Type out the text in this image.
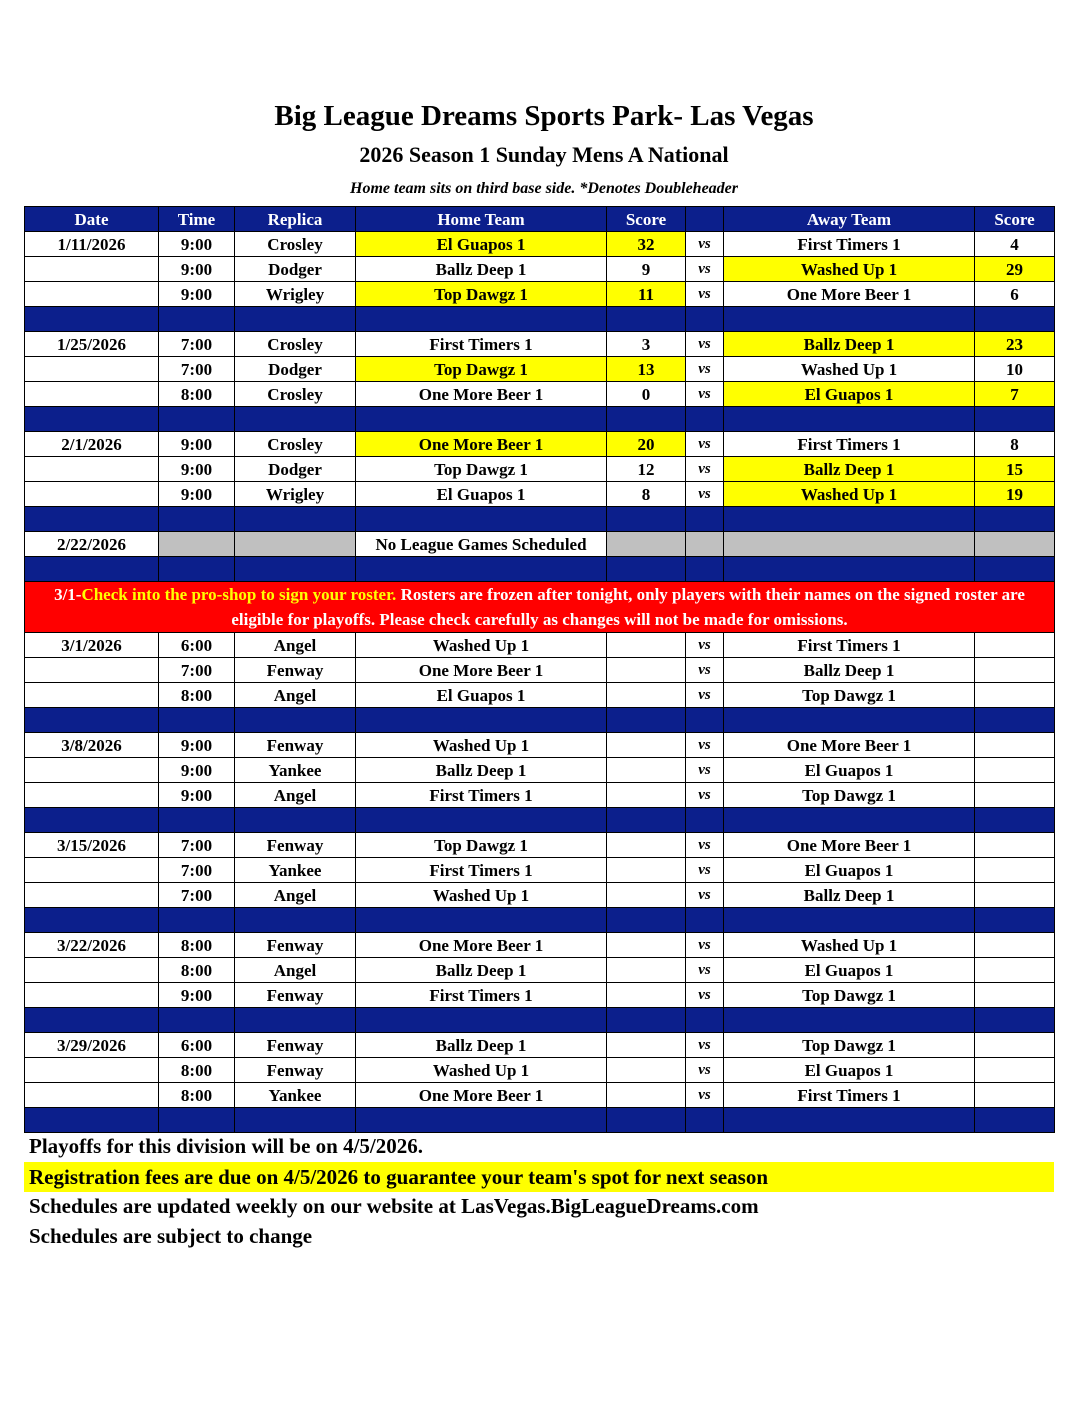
Big League Dreams Sports Park- Las Vegas
2026 Season 1 Sunday Mens A National
Home team sits on third base side. *Denotes Doubleheader
Date	Time	Replica	Home Team	Score		Away Team	Score
1/11/2026	9:00	Crosley	El Guapos 1	32	vs	First Timers 1	4
	9:00	Dodger	Ballz Deep 1	9	vs	Washed Up 1	29
	9:00	Wrigley	Top Dawgz 1	11	vs	One More Beer 1	6

1/25/2026	7:00	Crosley	First Timers 1	3	vs	Ballz Deep 1	23
	7:00	Dodger	Top Dawgz 1	13	vs	Washed Up 1	10
	8:00	Crosley	One More Beer 1	0	vs	El Guapos 1	7

2/1/2026	9:00	Crosley	One More Beer 1	20	vs	First Timers 1	8
	9:00	Dodger	Top Dawgz 1	12	vs	Ballz Deep 1	15
	9:00	Wrigley	El Guapos 1	8	vs	Washed Up 1	19

2/22/2026			No League Games Scheduled				

3/1-Check into the pro-shop to sign your roster. Rosters are frozen after tonight, only players with their names on the signed roster are eligible for playoffs. Please check carefully as changes will not be made for omissions.							
3/1/2026	6:00	Angel	Washed Up 1		vs	First Timers 1	
	7:00	Fenway	One More Beer 1		vs	Ballz Deep 1	
	8:00	Angel	El Guapos 1		vs	Top Dawgz 1	

3/8/2026	9:00	Fenway	Washed Up 1		vs	One More Beer 1	
	9:00	Yankee	Ballz Deep 1		vs	El Guapos 1	
	9:00	Angel	First Timers 1		vs	Top Dawgz 1	

3/15/2026	7:00	Fenway	Top Dawgz 1		vs	One More Beer 1	
	7:00	Yankee	First Timers 1		vs	El Guapos 1	
	7:00	Angel	Washed Up 1		vs	Ballz Deep 1	

3/22/2026	8:00	Fenway	One More Beer 1		vs	Washed Up 1	
	8:00	Angel	Ballz Deep 1		vs	El Guapos 1	
	9:00	Fenway	First Timers 1		vs	Top Dawgz 1	

3/29/2026	6:00	Fenway	Ballz Deep 1		vs	Top Dawgz 1	
	8:00	Fenway	Washed Up 1		vs	El Guapos 1	
	8:00	Yankee	One More Beer 1		vs	First Timers 1	

Playoffs for this division will be on 4/5/2026.
Registration fees are due on 4/5/2026 to guarantee your team's spot for next season
Schedules are updated weekly on our website at LasVegas.BigLeagueDreams.com
Schedules are subject to change
